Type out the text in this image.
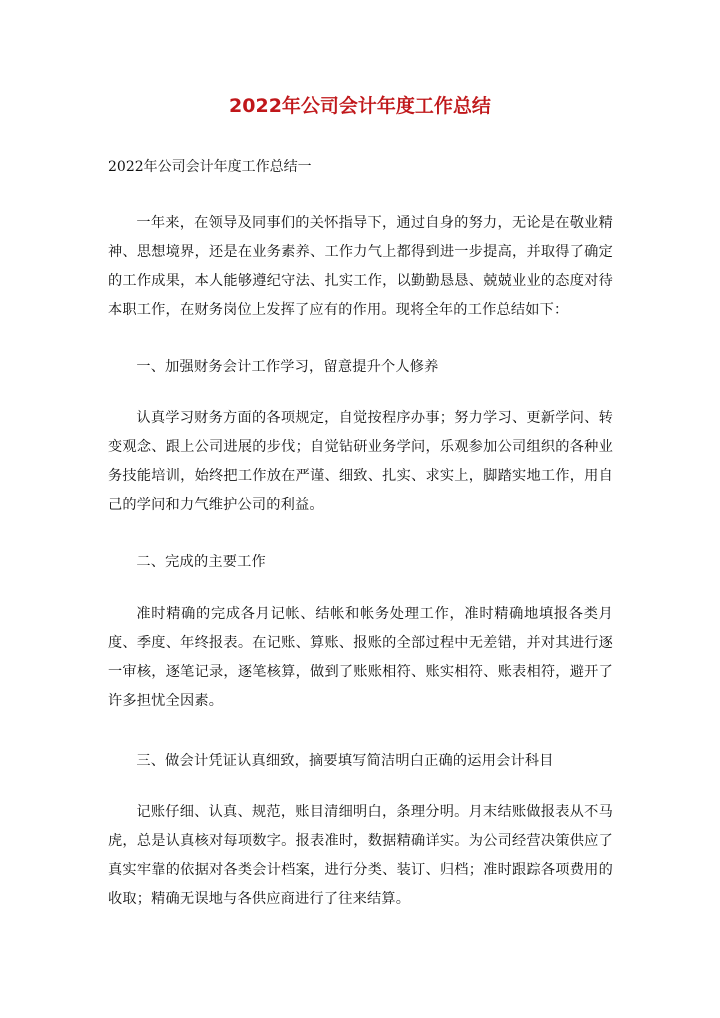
2022年公司会计年度工作总结

2022年公司会计年度工作总结一

一年来，在领导及同事们的关怀指导下，通过自身的努力，无论是在敬业精神、思想境界，还是在业务素养、工作力气上都得到进一步提高，并取得了确定的工作成果，本人能够遵纪守法、扎实工作，以勤勤恳恳、兢兢业业的态度对待本职工作，在财务岗位上发挥了应有的作用。现将全年的工作总结如下：

一、加强财务会计工作学习，留意提升个人修养

认真学习财务方面的各项规定，自觉按程序办事；努力学习、更新学问、转变观念、跟上公司进展的步伐；自觉钻研业务学问，乐观参加公司组织的各种业务技能培训，始终把工作放在严谨、细致、扎实、求实上，脚踏实地工作，用自己的学问和力气维护公司的利益。

二、完成的主要工作

准时精确的完成各月记帐、结帐和帐务处理工作，准时精确地填报各类月度、季度、年终报表。在记账、算账、报账的全部过程中无差错，并对其进行逐一审核，逐笔记录，逐笔核算，做到了账账相符、账实相符、账表相符，避开了许多担忧全因素。

三、做会计凭证认真细致，摘要填写简洁明白正确的运用会计科目

记账仔细、认真、规范，账目清细明白，条理分明。月末结账做报表从不马虎，总是认真核对每项数字。报表准时，数据精确详实。为公司经营决策供应了真实牢靠的依据对各类会计档案，进行分类、装订、归档；准时跟踪各项费用的收取；精确无误地与各供应商进行了往来结算。
